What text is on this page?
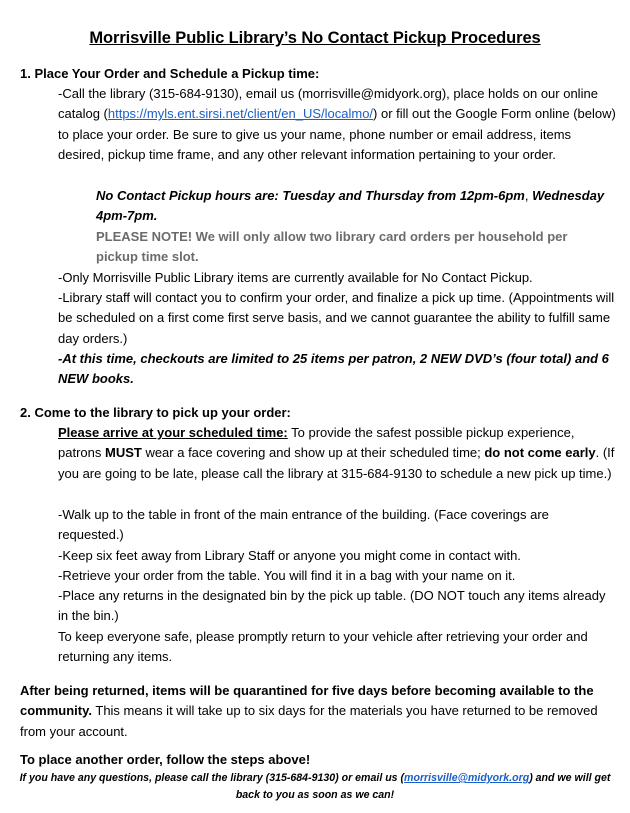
Morrisville Public Library’s No Contact Pickup Procedures
1. Place Your Order and Schedule a Pickup time:

-Call the library (315-684-9130), email us (morrisville@midyork.org), place holds on our online catalog (https://myls.ent.sirsi.net/client/en_US/localmo/) or fill out the Google Form online (below) to place your order. Be sure to give us your name, phone number or email address, items desired, pickup time frame, and any other relevant information pertaining to your order.

No Contact Pickup hours are: Tuesday and Thursday from 12pm-6pm, Wednesday 4pm-7pm.

PLEASE NOTE! We will only allow two library card orders per household per pickup time slot.

-Only Morrisville Public Library items are currently available for No Contact Pickup.

-Library staff will contact you to confirm your order, and finalize a pick up time. (Appointments will be scheduled on a first come first serve basis, and we cannot guarantee the ability to fulfill same day orders.)

-At this time, checkouts are limited to 25 items per patron, 2 NEW DVD’s (four total) and 6 NEW books.

2. Come to the library to pick up your order:

Please arrive at your scheduled time: To provide the safest possible pickup experience, patrons MUST wear a face covering and show up at their scheduled time; do not come early. (If you are going to be late, please call the library at 315-684-9130 to schedule a new pick up time.)

-Walk up to the table in front of the main entrance of the building. (Face coverings are requested.)

-Keep six feet away from Library Staff or anyone you might come in contact with.

-Retrieve your order from the table. You will find it in a bag with your name on it.

-Place any returns in the designated bin by the pick up table. (DO NOT touch any items already in the bin.)

To keep everyone safe, please promptly return to your vehicle after retrieving your order and returning any items.

After being returned, items will be quarantined for five days before becoming available to the community. This means it will take up to six days for the materials you have returned to be removed from your account.

To place another order, follow the steps above!

If you have any questions, please call the library (315-684-9130) or email us (morrisville@midyork.org) and we will get back to you as soon as we can!
